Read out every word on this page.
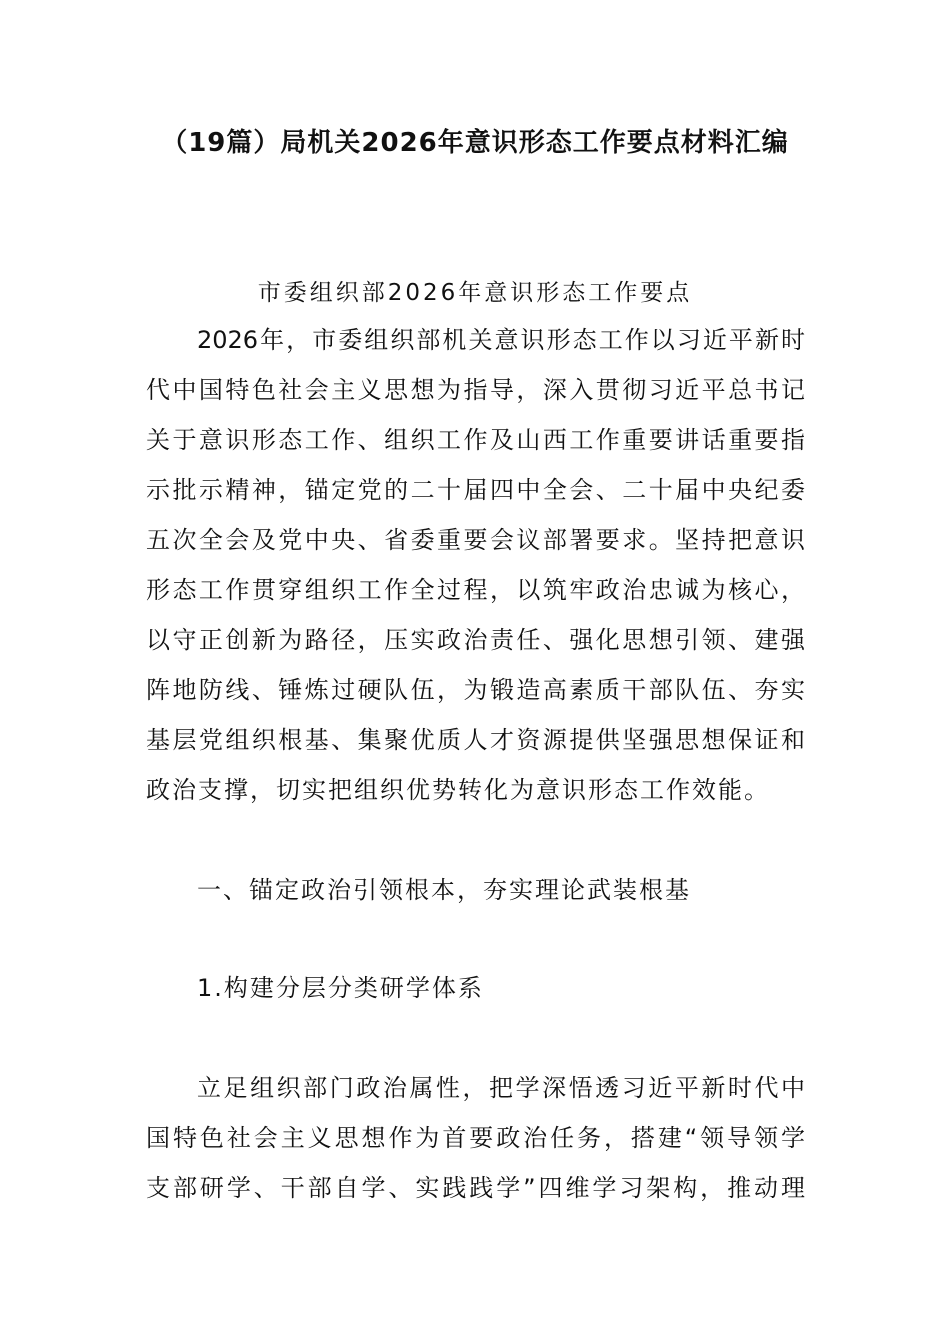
（19篇）局机关2026年意识形态工作要点材料汇编
市委组织部2026年意识形态工作要点
2026年，市委组织部机关意识形态工作以习近平新时
代中国特色社会主义思想为指导，深入贯彻习近平总书记
关于意识形态工作、组织工作及山西工作重要讲话重要指
示批示精神，锚定党的二十届四中全会、二十届中央纪委
五次全会及党中央、省委重要会议部署要求。坚持把意识
形态工作贯穿组织工作全过程，以筑牢政治忠诚为核心，
以守正创新为路径，压实政治责任、强化思想引领、建强
阵地防线、锤炼过硬队伍，为锻造高素质干部队伍、夯实
基层党组织根基、集聚优质人才资源提供坚强思想保证和
政治支撑，切实把组织优势转化为意识形态工作效能。
一、锚定政治引领根本，夯实理论武装根基
1.构建分层分类研学体系
立足组织部门政治属性，把学深悟透习近平新时代中
国特色社会主义思想作为首要政治任务，搭建“领导领学
支部研学、干部自学、实践践学”四维学习架构，推动理
